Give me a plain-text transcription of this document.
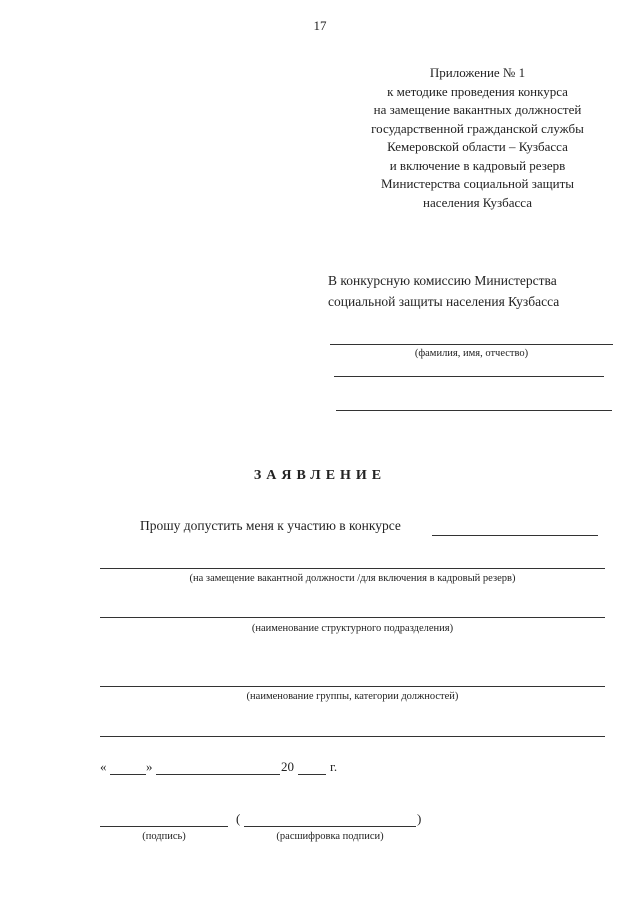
17
Приложение № 1
к методике проведения конкурса
на замещение вакантных должностей
государственной гражданской службы
Кемеровской области – Кузбасса
и включение в кадровый резерв
Министерства социальной защиты
населения Кузбасса
В конкурсную комиссию Министерства
социальной защиты населения Кузбасса
(фамилия, имя, отчество)
ЗАЯВЛЕНИЕ
Прошу допустить меня к участию в конкурсе
(на замещение вакантной должности /для включения в кадровый резерв)
(наименование структурного подразделения)
(наименование группы, категории должностей)
«	»	20	г.
(	)
(подпись)	(расшифровка подписи)
